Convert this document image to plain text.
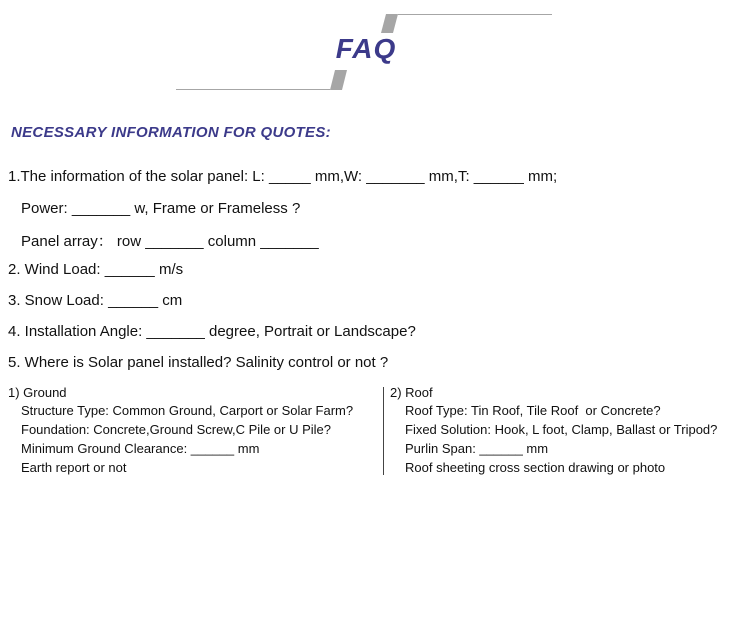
FAQ
NECESSARY INFORMATION FOR QUOTES:
1.The information of the solar panel: L: _____ mm,W: _______ mm,T: ______ mm;
Power: _______ w, Frame or Frameless ?
Panel array： row _______ column _______
2. Wind Load: ______ m/s
3. Snow Load: ______ cm
4. Installation Angle: _______ degree, Portrait or Landscape?
5. Where is Solar panel installed? Salinity control or not ?
1) Ground
Structure Type: Common Ground, Carport or Solar Farm?
Foundation: Concrete,Ground Screw,C Pile or U Pile?
Minimum Ground Clearance: ______ mm
Earth report or not
2) Roof
Roof Type: Tin Roof, Tile Roof  or Concrete?
Fixed Solution: Hook, L foot, Clamp, Ballast or Tripod?
Purlin Span: ______ mm
Roof sheeting cross section drawing or photo
